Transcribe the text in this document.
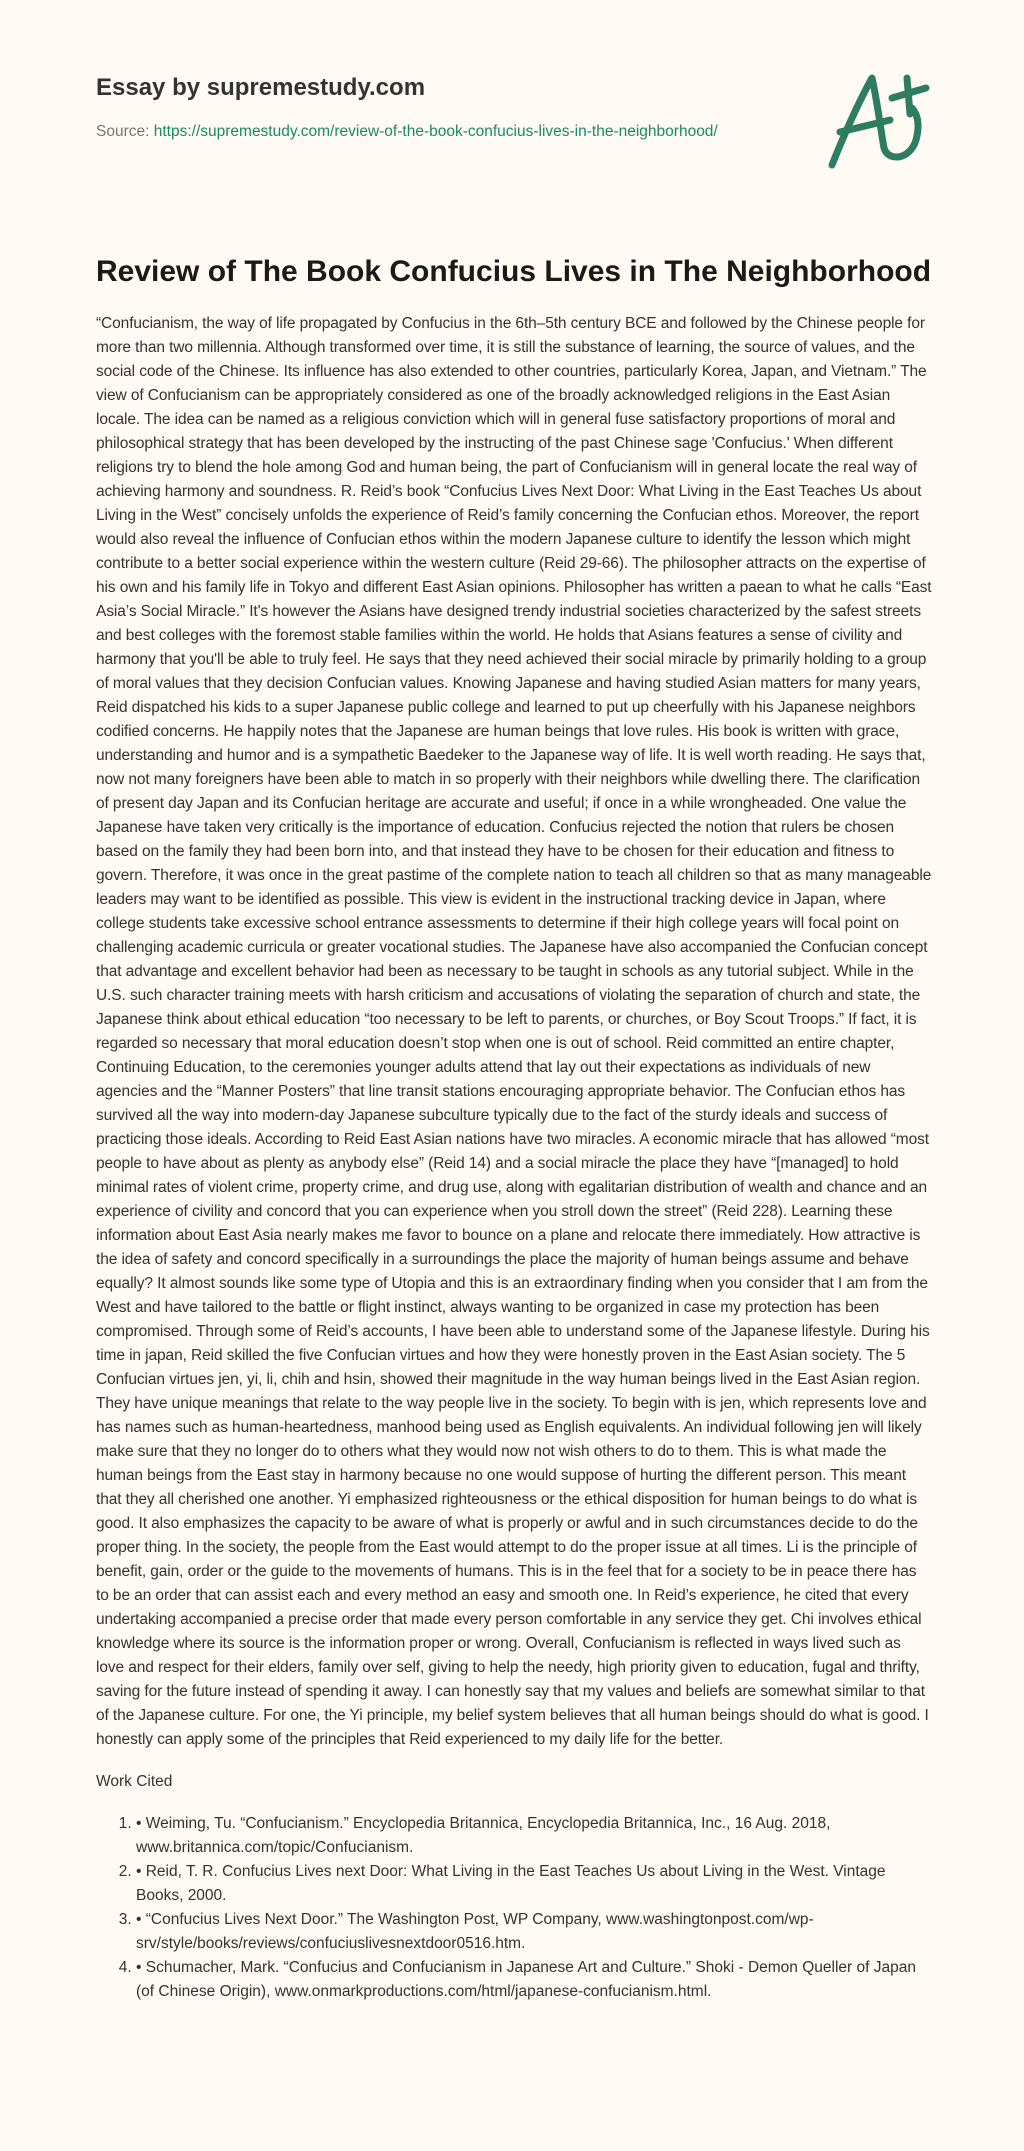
Essay by supremestudy.com
Source: https://supremestudy.com/review-of-the-book-confucius-lives-in-the-neighborhood/
Review of The Book Confucius Lives in The Neighborhood

“Confucianism, the way of life propagated by Confucius in the 6th–5th century BCE and followed by the Chinese people for more than two millennia. Although transformed over time, it is still the substance of learning, the source of values, and the social code of the Chinese. Its influence has also extended to other countries, particularly Korea, Japan, and Vietnam.” The view of Confucianism can be appropriately considered as one of the broadly acknowledged religions in the East Asian locale. The idea can be named as a religious conviction which will in general fuse satisfactory proportions of moral and philosophical strategy that has been developed by the instructing of the past Chinese sage 'Confucius.' When different religions try to blend the hole among God and human being, the part of Confucianism will in general locate the real way of achieving harmony and soundness. R. Reid’s book “Confucius Lives Next Door: What Living in the East Teaches Us about Living in the West” concisely unfolds the experience of Reid’s family concerning the Confucian ethos. Moreover, the report would also reveal the influence of Confucian ethos within the modern Japanese culture to identify the lesson which might contribute to a better social experience within the western culture (Reid 29-66). The philosopher attracts on the expertise of his own and his family life in Tokyo and different East Asian opinions. Philosopher has written a paean to what he calls “East Asia’s Social Miracle.” It's however the Asians have designed trendy industrial societies characterized by the safest streets and best colleges with the foremost stable families within the world. He holds that Asians features a sense of civility and harmony that you'll be able to truly feel. He says that they need achieved their social miracle by primarily holding to a group of moral values that they decision Confucian values. Knowing Japanese and having studied Asian matters for many years, Reid dispatched his kids to a super Japanese public college and learned to put up cheerfully with his Japanese neighbors codified concerns. He happily notes that the Japanese are human beings that love rules. His book is written with grace, understanding and humor and is a sympathetic Baedeker to the Japanese way of life. It is well worth reading. He says that, now not many foreigners have been able to match in so properly with their neighbors while dwelling there. The clarification of present day Japan and its Confucian heritage are accurate and useful; if once in a while wrongheaded. One value the Japanese have taken very critically is the importance of education. Confucius rejected the notion that rulers be chosen based on the family they had been born into, and that instead they have to be chosen for their education and fitness to govern. Therefore, it was once in the great pastime of the complete nation to teach all children so that as many manageable leaders may want to be identified as possible. This view is evident in the instructional tracking device in Japan, where college students take excessive school entrance assessments to determine if their high college years will focal point on challenging academic curricula or greater vocational studies. The Japanese have also accompanied the Confucian concept that advantage and excellent behavior had been as necessary to be taught in schools as any tutorial subject. While in the U.S. such character training meets with harsh criticism and accusations of violating the separation of church and state, the Japanese think about ethical education “too necessary to be left to parents, or churches, or Boy Scout Troops.” If fact, it is regarded so necessary that moral education doesn’t stop when one is out of school. Reid committed an entire chapter, Continuing Education, to the ceremonies younger adults attend that lay out their expectations as individuals of new agencies and the “Manner Posters” that line transit stations encouraging appropriate behavior. The Confucian ethos has survived all the way into modern-day Japanese subculture typically due to the fact of the sturdy ideals and success of practicing those ideals. According to Reid East Asian nations have two miracles. A economic miracle that has allowed “most people to have about as plenty as anybody else” (Reid 14) and a social miracle the place they have “[managed] to hold minimal rates of violent crime, property crime, and drug use, along with egalitarian distribution of wealth and chance and an experience of civility and concord that you can experience when you stroll down the street” (Reid 228). Learning these information about East Asia nearly makes me favor to bounce on a plane and relocate there immediately. How attractive is the idea of safety and concord specifically in a surroundings the place the majority of human beings assume and behave equally? It almost sounds like some type of Utopia and this is an extraordinary finding when you consider that I am from the West and have tailored to the battle or flight instinct, always wanting to be organized in case my protection has been compromised. Through some of Reid’s accounts, I have been able to understand some of the Japanese lifestyle. During his time in japan, Reid skilled the five Confucian virtues and how they were honestly proven in the East Asian society. The 5 Confucian virtues jen, yi, li, chih and hsin, showed their magnitude in the way human beings lived in the East Asian region. They have unique meanings that relate to the way people live in the society. To begin with is jen, which represents love and has names such as human-heartedness, manhood being used as English equivalents. An individual following jen will likely make sure that they no longer do to others what they would now not wish others to do to them. This is what made the human beings from the East stay in harmony because no one would suppose of hurting the different person. This meant that they all cherished one another. Yi emphasized righteousness or the ethical disposition for human beings to do what is good. It also emphasizes the capacity to be aware of what is properly or awful and in such circumstances decide to do the proper thing. In the society, the people from the East would attempt to do the proper issue at all times. Li is the principle of benefit, gain, order or the guide to the movements of humans. This is in the feel that for a society to be in peace there has to be an order that can assist each and every method an easy and smooth one. In Reid’s experience, he cited that every undertaking accompanied a precise order that made every person comfortable in any service they get. Chi involves ethical knowledge where its source is the information proper or wrong. Overall, Confucianism is reflected in ways lived such as love and respect for their elders, family over self, giving to help the needy, high priority given to education, fugal and thrifty, saving for the future instead of spending it away. I can honestly say that my values and beliefs are somewhat similar to that of the Japanese culture. For one, the Yi principle, my belief system believes that all human beings should do what is good. I honestly can apply some of the principles that Reid experienced to my daily life for the better.

Work Cited

1. • Weiming, Tu. “Confucianism.” Encyclopedia Britannica, Encyclopedia Britannica, Inc., 16 Aug. 2018, www.britannica.com/topic/Confucianism.
2. • Reid, T. R. Confucius Lives next Door: What Living in the East Teaches Us about Living in the West. Vintage Books, 2000.
3. • “Confucius Lives Next Door.” The Washington Post, WP Company, www.washingtonpost.com/wp-srv/style/books/reviews/confuciuslivesnextdoor0516.htm.
4. • Schumacher, Mark. “Confucius and Confucianism in Japanese Art and Culture.” Shoki - Demon Queller of Japan (of Chinese Origin), www.onmarkproductions.com/html/japanese-confucianism.html.
